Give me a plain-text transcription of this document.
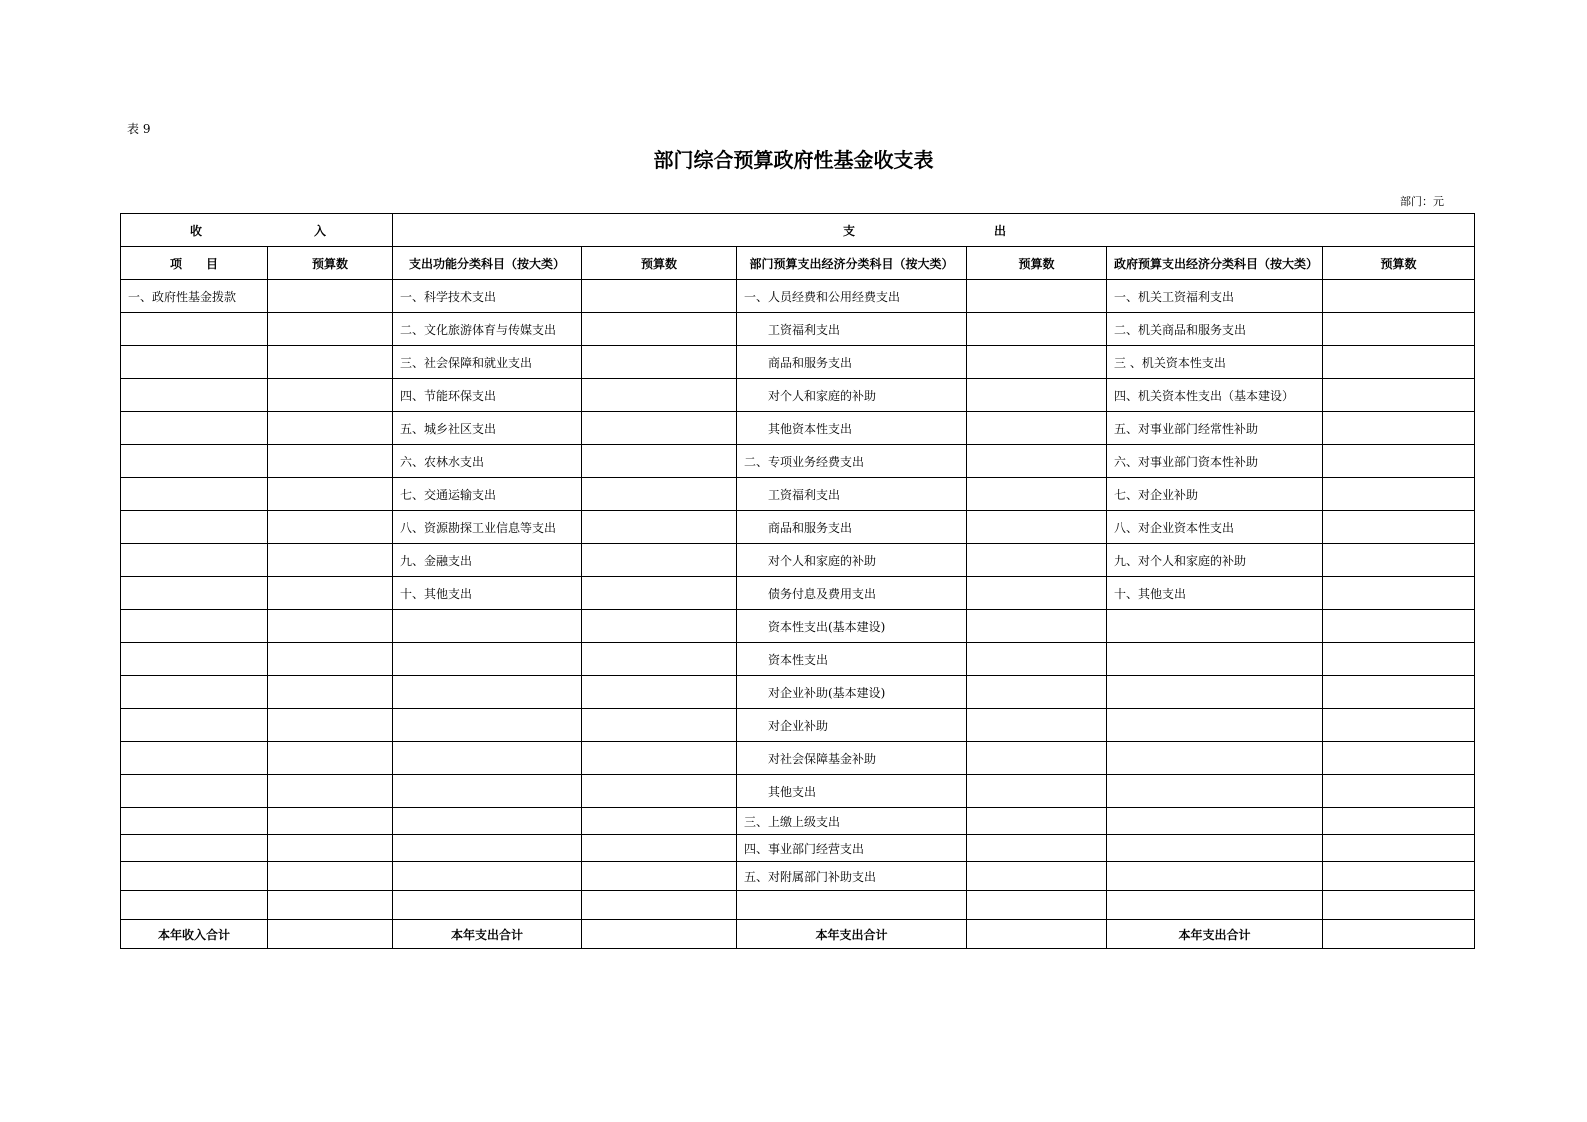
表 9
部门综合预算政府性基金收支表
部门：元
收 入		支 出					

项　　目	预算数	支出功能分类科目（按大类）	预算数	部门预算支出经济分类科目（按大类）	预算数	政府预算支出经济分类科目（按大类）	预算数
一、政府性基金拨款		一、科学技术支出		一、人员经费和公用经费支出		一、机关工资福利支出	
		二、文化旅游体育与传媒支出		工资福利支出		二、机关商品和服务支出	
		三、社会保障和就业支出		商品和服务支出		三 、机关资本性支出	
		四、节能环保支出		对个人和家庭的补助		四、机关资本性支出（基本建设）	
		五、城乡社区支出		其他资本性支出		五、对事业部门经常性补助	
		六、农林水支出		二、专项业务经费支出		六、对事业部门资本性补助	
		七、交通运输支出		工资福利支出		七、对企业补助	
		八、资源勘探工业信息等支出		商品和服务支出		八、对企业资本性支出	
		九、金融支出		对个人和家庭的补助		九、对个人和家庭的补助	
		十、其他支出		债务付息及费用支出		十、其他支出	
				资本性支出(基本建设)			
				资本性支出			
				对企业补助(基本建设)			
				对企业补助			
				对社会保障基金补助			
				其他支出			
				三、上缴上级支出			
				四、事业部门经营支出			
				五、对附属部门补助支出			

本年收入合计		本年支出合计		本年支出合计		本年支出合计	
